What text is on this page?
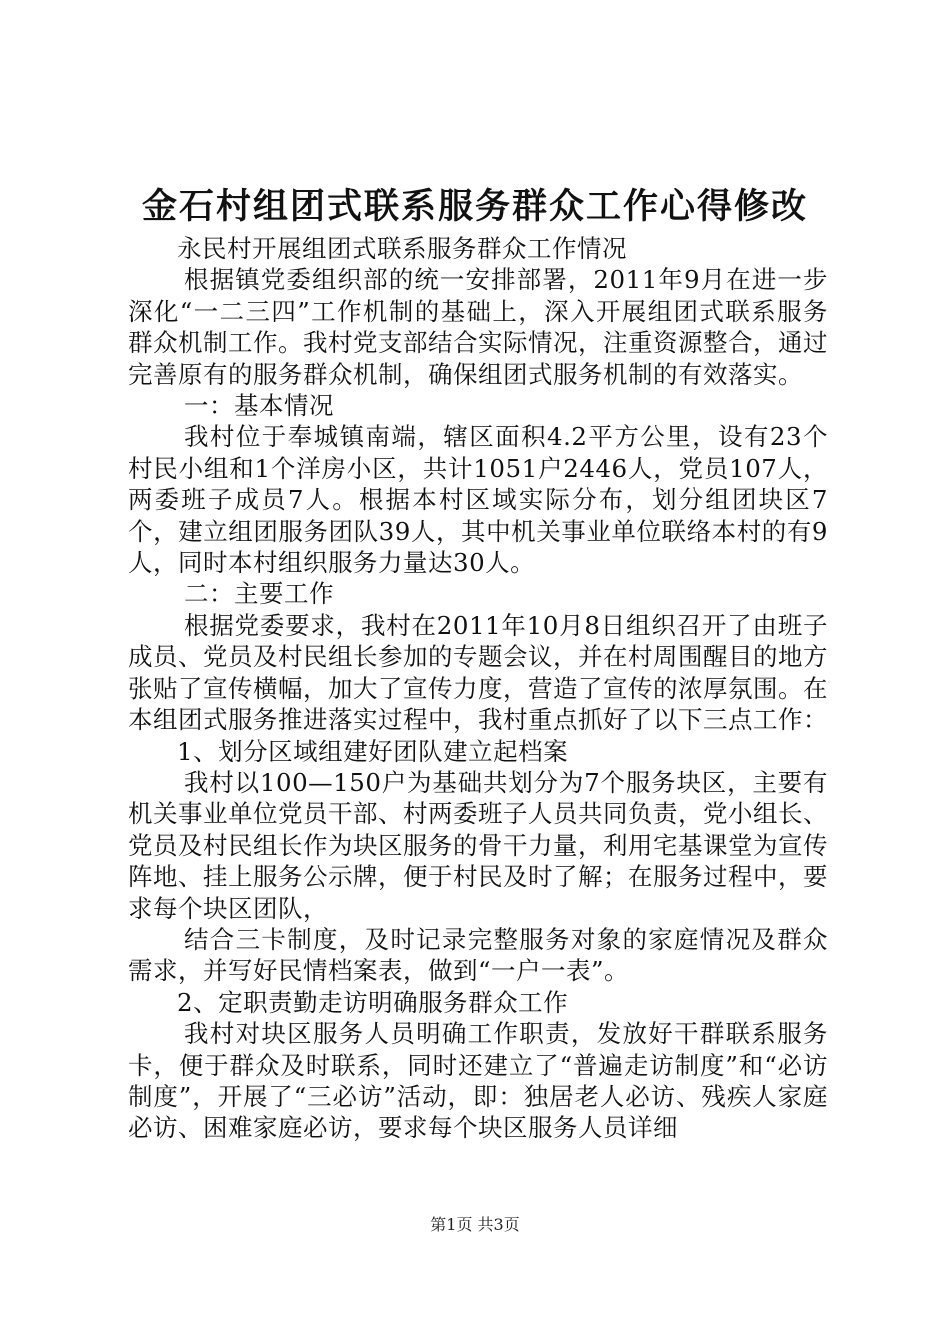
金石村组团式联系服务群众工作心得修改

永民村开展组团式联系服务群众工作情况

根据镇党委组织部的统一安排部署，2011年9月在进一步深化“一二三四”工作机制的基础上，深入开展组团式联系服务群众机制工作。我村党支部结合实际情况，注重资源整合，通过完善原有的服务群众机制，确保组团式服务机制的有效落实。

一：基本情况

我村位于奉城镇南端，辖区面积4.2平方公里，设有23个村民小组和1个洋房小区，共计1051户2446人，党员107人，两委班子成员7人。根据本村区域实际分布，划分组团块区7个，建立组团服务团队39人，其中机关事业单位联络本村的有9人，同时本村组织服务力量达30人。

二：主要工作

根据党委要求，我村在2011年10月8日组织召开了由班子成员、党员及村民组长参加的专题会议，并在村周围醒目的地方张贴了宣传横幅，加大了宣传力度，营造了宣传的浓厚氛围。在本组团式服务推进落实过程中，我村重点抓好了以下三点工作：

1、划分区域组建好团队建立起档案

我村以100—150户为基础共划分为7个服务块区，主要有机关事业单位党员干部、村两委班子人员共同负责，党小组长、党员及村民组长作为块区服务的骨干力量，利用宅基课堂为宣传阵地、挂上服务公示牌，便于村民及时了解；在服务过程中，要求每个块区团队，

结合三卡制度，及时记录完整服务对象的家庭情况及群众需求，并写好民情档案表，做到“一户一表”。

2、定职责勤走访明确服务群众工作

我村对块区服务人员明确工作职责，发放好干群联系服务卡，便于群众及时联系，同时还建立了“普遍走访制度”和“必访制度”，开展了“三必访”活动，即：独居老人必访、残疾人家庭必访、困难家庭必访，要求每个块区服务人员详细

第1页 共3页
